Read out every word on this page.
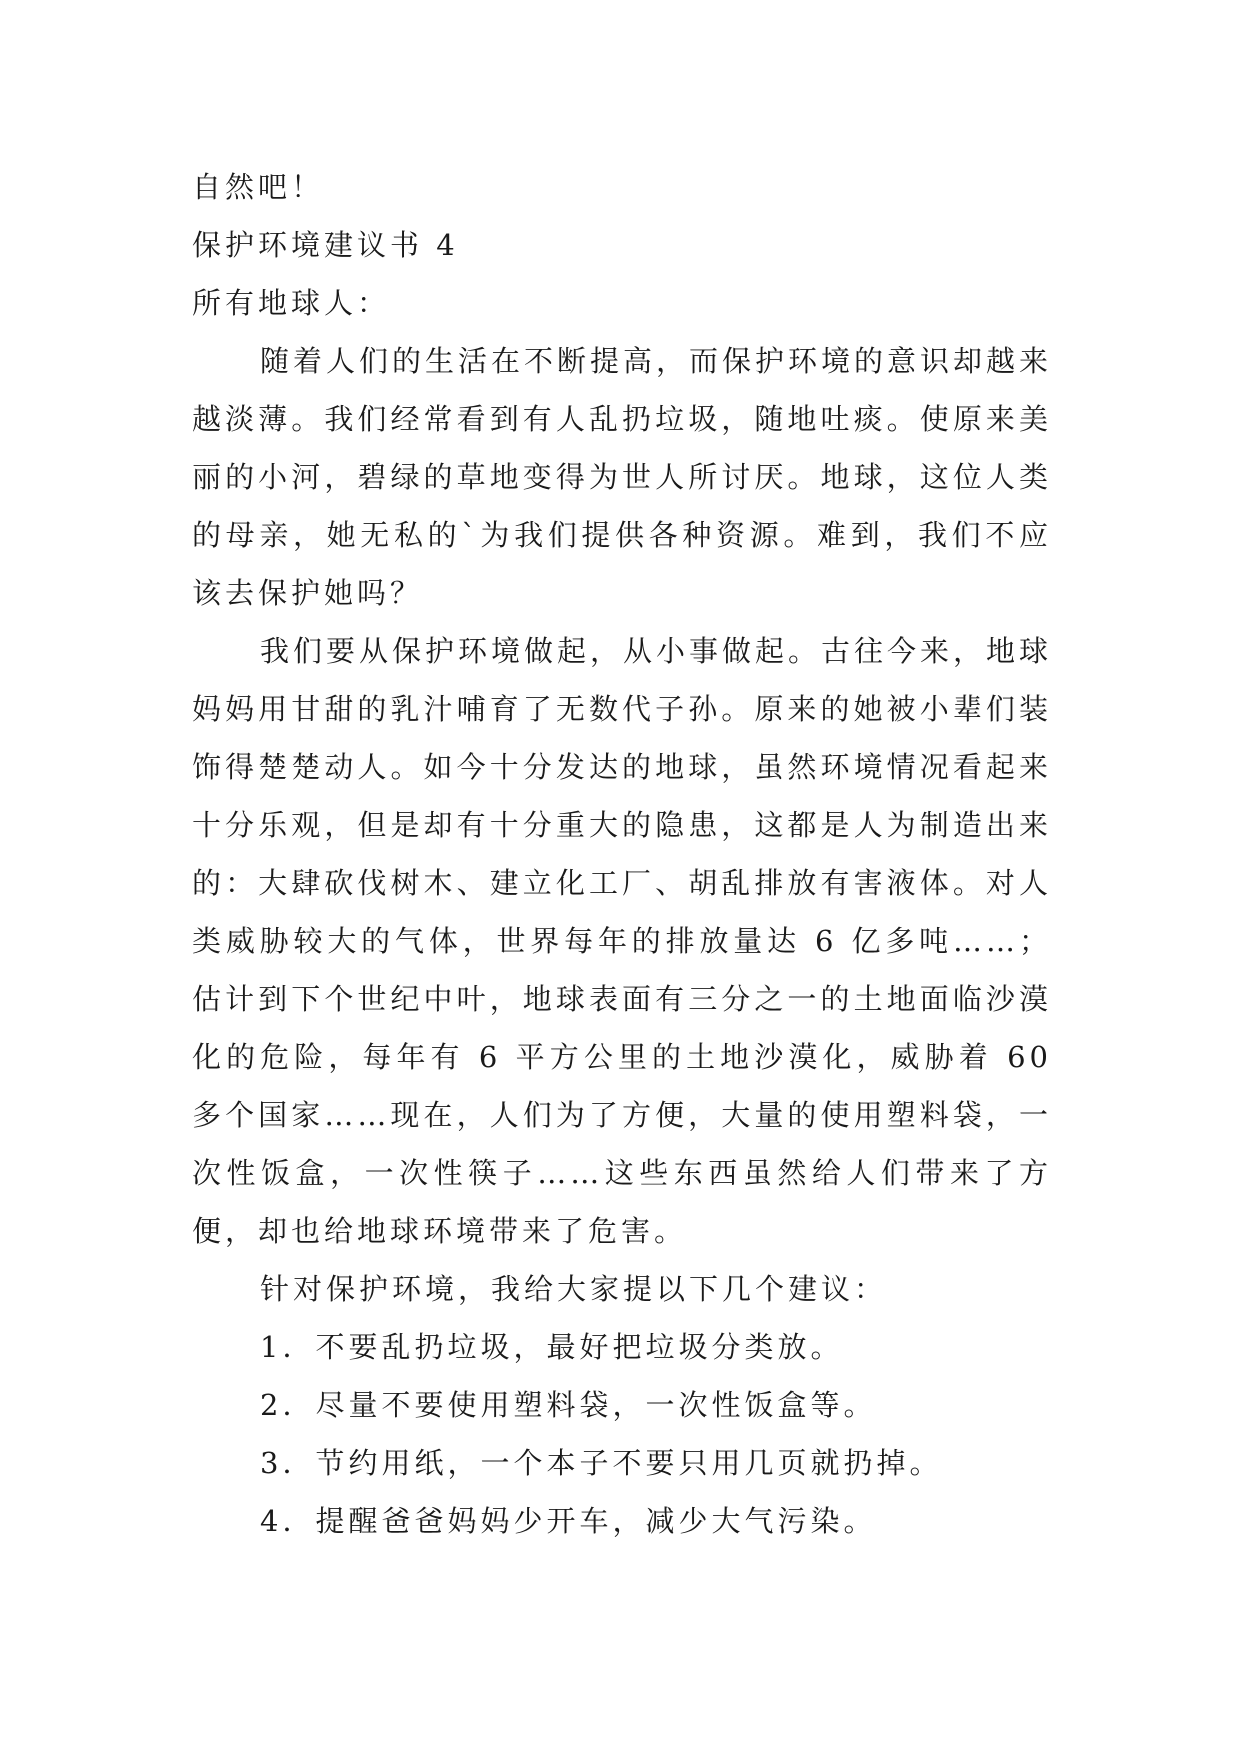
自然吧！

保护环境建议书 4

所有地球人：

随着人们的生活在不断提高，而保护环境的意识却越来越淡薄。我们经常看到有人乱扔垃圾，随地吐痰。使原来美丽的小河，碧绿的草地变得为世人所讨厌。地球，这位人类的母亲，她无私的`为我们提供各种资源。难到，我们不应该去保护她吗？

我们要从保护环境做起，从小事做起。古往今来，地球妈妈用甘甜的乳汁哺育了无数代子孙。原来的她被小辈们装饰得楚楚动人。如今十分发达的地球，虽然环境情况看起来十分乐观，但是却有十分重大的隐患，这都是人为制造出来的：大肆砍伐树木、建立化工厂、胡乱排放有害液体。对人类威胁较大的气体，世界每年的排放量达 6 亿多吨……；估计到下个世纪中叶，地球表面有三分之一的土地面临沙漠化的危险，每年有 6 平方公里的土地沙漠化，威胁着 60 多个国家……现在，人们为了方便，大量的使用塑料袋，一次性饭盒，一次性筷子……这些东西虽然给人们带来了方便，却也给地球环境带来了危害。

针对保护环境，我给大家提以下几个建议：

1．不要乱扔垃圾，最好把垃圾分类放。

2．尽量不要使用塑料袋，一次性饭盒等。

3．节约用纸，一个本子不要只用几页就扔掉。

4．提醒爸爸妈妈少开车，减少大气污染。
